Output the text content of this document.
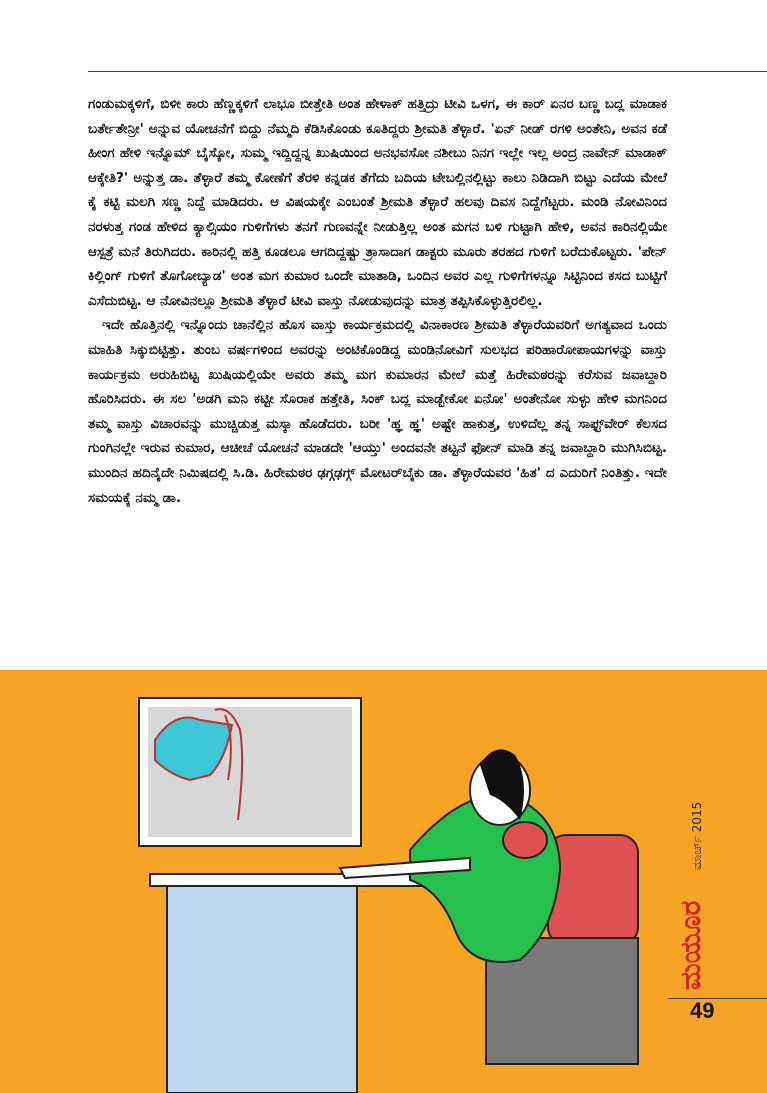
ಗಂಡುಮಕ್ಕಳಿಗೆ, ಬಿಳೀ ಕಾರು ಹೆಣ್ಣಕ್ಕಳಿಗೆ ಲಾಭೂ ಬೀತ್ತೇತಿ ಅಂತ ಹೇಳಾಕ್ ಹತ್ತಿದ್ರು ಟೀವಿ ಒಳಗ, ಈ ಕಾರ್ ಏನರ ಬಣ್ಣ ಬದ್ಲ ಮಾಡಾಕ ಬರ್ತೇತೇನ್ರೀ' ಅನ್ನುವ ಯೋಚನೆಗೆ ಬಿದ್ದು ನೆಮ್ಮದಿ ಕೆಡಿಸಿಕೊಂಡು ಕೂತಿದ್ದರು ಶ್ರೀಮತಿ ತೆಳ್ಳಾರೆ. 'ಏನ್ ನೀಡ್ ರಗಳಿ ಅಂತೇನಿ, ಅವನ ಕಡೆ ಹೀಂಗ ಹೇಳಿ ಇನ್ನೊಮ್ ಬೈಸ್ಕೋ, ಸುಮ್ಮ ಇದ್ದಿದ್ದನ್ನ ಖುಷಿಯಿಂದ ಅನಭವಸೋ ನಶೀಬು ನಿನಗ ಇಲ್ಲೇ ಇಲ್ಲ ಅಂದ್ರ ನಾವೇನ್ ಮಾಡಾಕ್ ಆಕ್ಕೇತಿ?' ಅನ್ನುತ್ತ ಡಾ. ತೆಳ್ಳಾರೆ ತಮ್ಮ ಕೋಣೆಗೆ ತೆರಳಿ ಕನ್ನಡಕ ತೆಗೆದು ಬದಿಯ ಟೇಬಲ್ಲಿನಲ್ಲಿಟ್ಟು ಕಾಲು ನಿಡಿದಾಗಿ ಬಿಟ್ಟು ಎದೆಯ ಮೇಲೆ ಕೈ ಕಟ್ಟಿ ಮಲಗಿ ಸಣ್ಣ ನಿದ್ದೆ ಮಾಡಿದರು. ಆ ವಿಷಯಕ್ಕೇ ಎಂಬಂತೆ ಶ್ರೀಮತಿ ತೆಳ್ಳಾರೆ ಹಲವು ದಿವಸ ನಿದ್ದೆಗೆಟ್ಟರು. ಮಂಡಿ ನೋವಿನಿಂದ ನರಳುತ್ತ ಗಂಡ ಹೇಳಿದ ಕ್ಯಾಲ್ಸಿಯಂ ಗುಳಿಗೆಗಳು ತನಗೆ ಗುಣವನ್ನೇ ನೀಡುತ್ತಿಲ್ಲ ಅಂತ ಮಗನ ಬಳಿ ಗುಟ್ಟಾಗಿ ಹೇಳಿ, ಅವನ ಕಾರಿನಲ್ಲಿಯೇ ಆಸ್ಪತ್ರೆ ಮನೆ ತಿರುಗಿದರು. ಕಾರಿನಲ್ಲಿ ಹತ್ತಿ ಕೂಡಲೂ ಆಗದಿದ್ದಷ್ಟು ತ್ರಾಸಾದಾಗ ಡಾಕ್ಟರು ಮೂರು ತರಹದ ಗುಳಿಗೆ ಬರೆದುಕೊಟ್ಟರು. 'ಪೇನ್ ಕಿಲ್ಲಿಂಗ್ ಗುಳಿಗೆ ತೊಗೋಬ್ಯಾಡ' ಅಂತ ಮಗ ಕುಮಾರ ಒಂದೇ ಮಾತಾಡಿ, ಒಂದಿನ ಅವರ ಎಲ್ಲ ಗುಳಿಗೆಗಳನ್ನೂ ಸಿಟ್ಟಿನಿಂದ ಕಸದ ಬುಟ್ಟಿಗೆ ಎಸೆದುಬಿಟ್ಟ. ಆ ನೋವಿನಲ್ಲೂ ಶ್ರೀಮತಿ ತೆಳ್ಳಾರೆ ಟೀವಿ ವಾಸ್ತು ನೋಡುವುದನ್ನು ಮಾತ್ರ ತಪ್ಪಿಸಿಕೊಳ್ಳುತ್ತಿರಲಿಲ್ಲ.

ಇದೇ ಹೊತ್ತಿನಲ್ಲಿ ಇನ್ನೊಂದು ಚಾನೆಲ್ಲಿನ ಹೊಸ ವಾಸ್ತು ಕಾರ್ಯಕ್ರಮದಲ್ಲಿ ವಿನಾಕಾರಣ ಶ್ರೀಮತಿ ತೆಳ್ಳಾರೆಯವರಿಗೆ ಅಗತ್ಯವಾದ ಒಂದು ಮಾಹಿತಿ ಸಿಕ್ಕುಬಿಟ್ಟಿತ್ತು. ತುಂಬ ವರ್ಷಗಳಿಂದ ಅವರನ್ನು ಅಂಟಿಕೊಂಡಿದ್ದ ಮಂಡಿನೋವಿಗೆ ಸುಲಭದ ಪರಿಹಾರೋಪಾಯಗಳನ್ನು ವಾಸ್ತು ಕಾರ್ಯಕ್ರಮ ಅರುಹಿಬಿಟ್ಟ ಖುಷಿಯಲ್ಲಿಯೇ ಅವರು ತಮ್ಮ ಮಗ ಕುಮಾರನ ಮೇಲೆ ಮತ್ತೆ ಹಿರೇಮಠರನ್ನು ಕರೆಸುವ ಜವಾಬ್ದಾರಿ ಹೊರಿಸಿದರು. ಈ ಸಲ 'ಅಡಗಿ ಮನಿ ಕಟ್ಟೀ ಸೊರಾಕ ಹತ್ತೇತಿ, ಸಿಂಕ್ ಬದ್ಲ ಮಾಡ್ಬೇಕೋ ಏನೋ' ಅಂತೇನೋ ಸುಳ್ಳು ಹೇಳಿ ಮಗನಿಂದ ತಮ್ಮ ವಾಸ್ತು ವಿಚಾರವನ್ನು ಮುಚ್ಚಿಡುತ್ತ ಮಸ್ಕಾ ಹೊಡೆದರು. ಬರೀ 'ಹ್ಞ ಹ್ಞ' ಅಷ್ಟೇ ಹಾಕುತ್ತ, ಉಳಿದೆಲ್ಲ ತನ್ನ ಸಾಫ್ಟ್‌ವೇರ್ ಕೆಲಸದ ಗುಂಗಿನಲ್ಲೇ ಇರುವ ಕುಮಾರ, ಆಚೀಚೆ ಯೋಚನೆ ಮಾಡದೇ 'ಆಯ್ತು' ಅಂದವನೇ ತಟ್ಟನೆ ಫೋನ್ ಮಾಡಿ ತನ್ನ ಜವಾಬ್ದಾರಿ ಮುಗಿಸಿಬಿಟ್ಟ. ಮುಂದಿನ ಹದಿನೈದೇ ನಿಮಿಷದಲ್ಲಿ ಸಿ.ಡಿ. ಹಿರೇಮಠರ ಢಗ್ಗಢಗ್ಗ್ ಮೋಟರ್‌ಬೈಕು ಡಾ. ತೆಳ್ಳಾರೆಯವರ 'ಹಿತ' ದ ಎದುರಿಗೆ ನಿಂತಿತ್ತು. ಇದೇ ಸಮಯಕ್ಕೆ ನಮ್ಮ ಡಾ.

ಮಾರ್ಚ್ 2015
ಮಯೂರ
49
